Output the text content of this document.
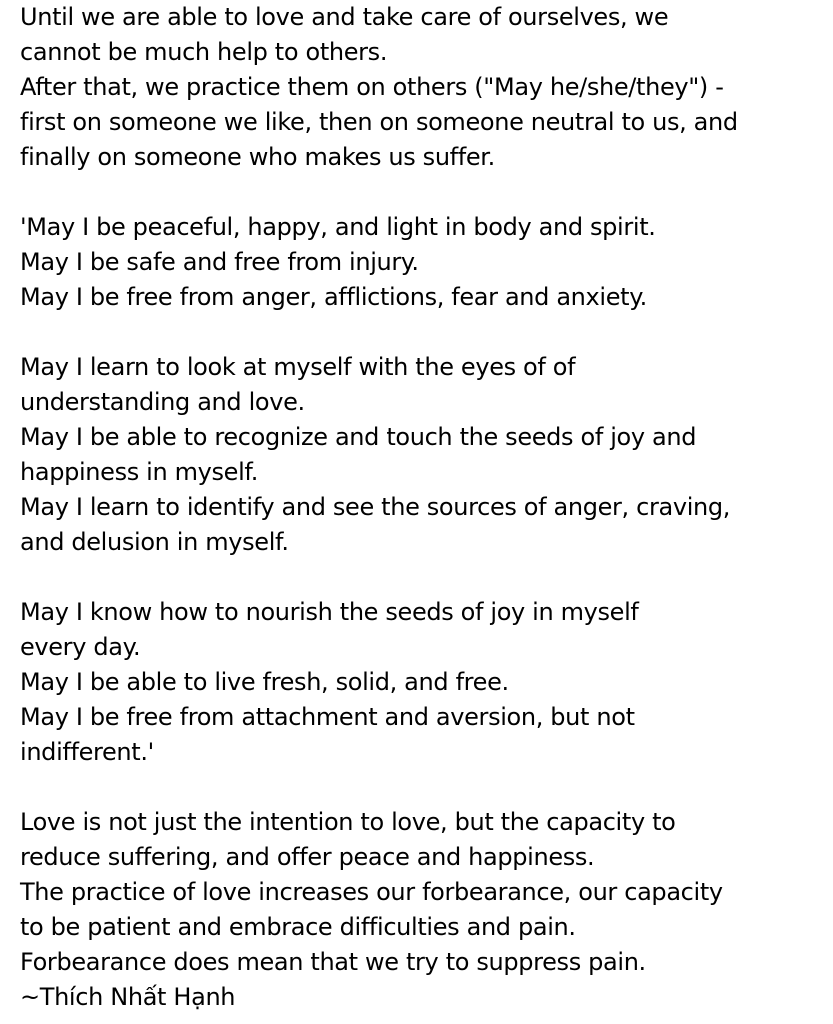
Until we are able to love and take care of ourselves, we
cannot be much help to others.
After that, we practice them on others ("May he/she/they") -
first on someone we like, then on someone neutral to us, and
finally on someone who makes us suffer.
'May I be peaceful, happy, and light in body and spirit.
May I be safe and free from injury.
May I be free from anger, afflictions, fear and anxiety.
May I learn to look at myself with the eyes of of
understanding and love.
May I be able to recognize and touch the seeds of joy and
happiness in myself.
May I learn to identify and see the sources of anger, craving,
and delusion in myself.
May I know how to nourish the seeds of joy in myself
every day.
May I be able to live fresh, solid, and free.
May I be free from attachment and aversion, but not
indifferent.'
Love is not just the intention to love, but the capacity to
reduce suffering, and offer peace and happiness.
The practice of love increases our forbearance, our capacity
to be patient and embrace difficulties and pain.
Forbearance does mean that we try to suppress pain.
~Thích Nhất Hạnh
